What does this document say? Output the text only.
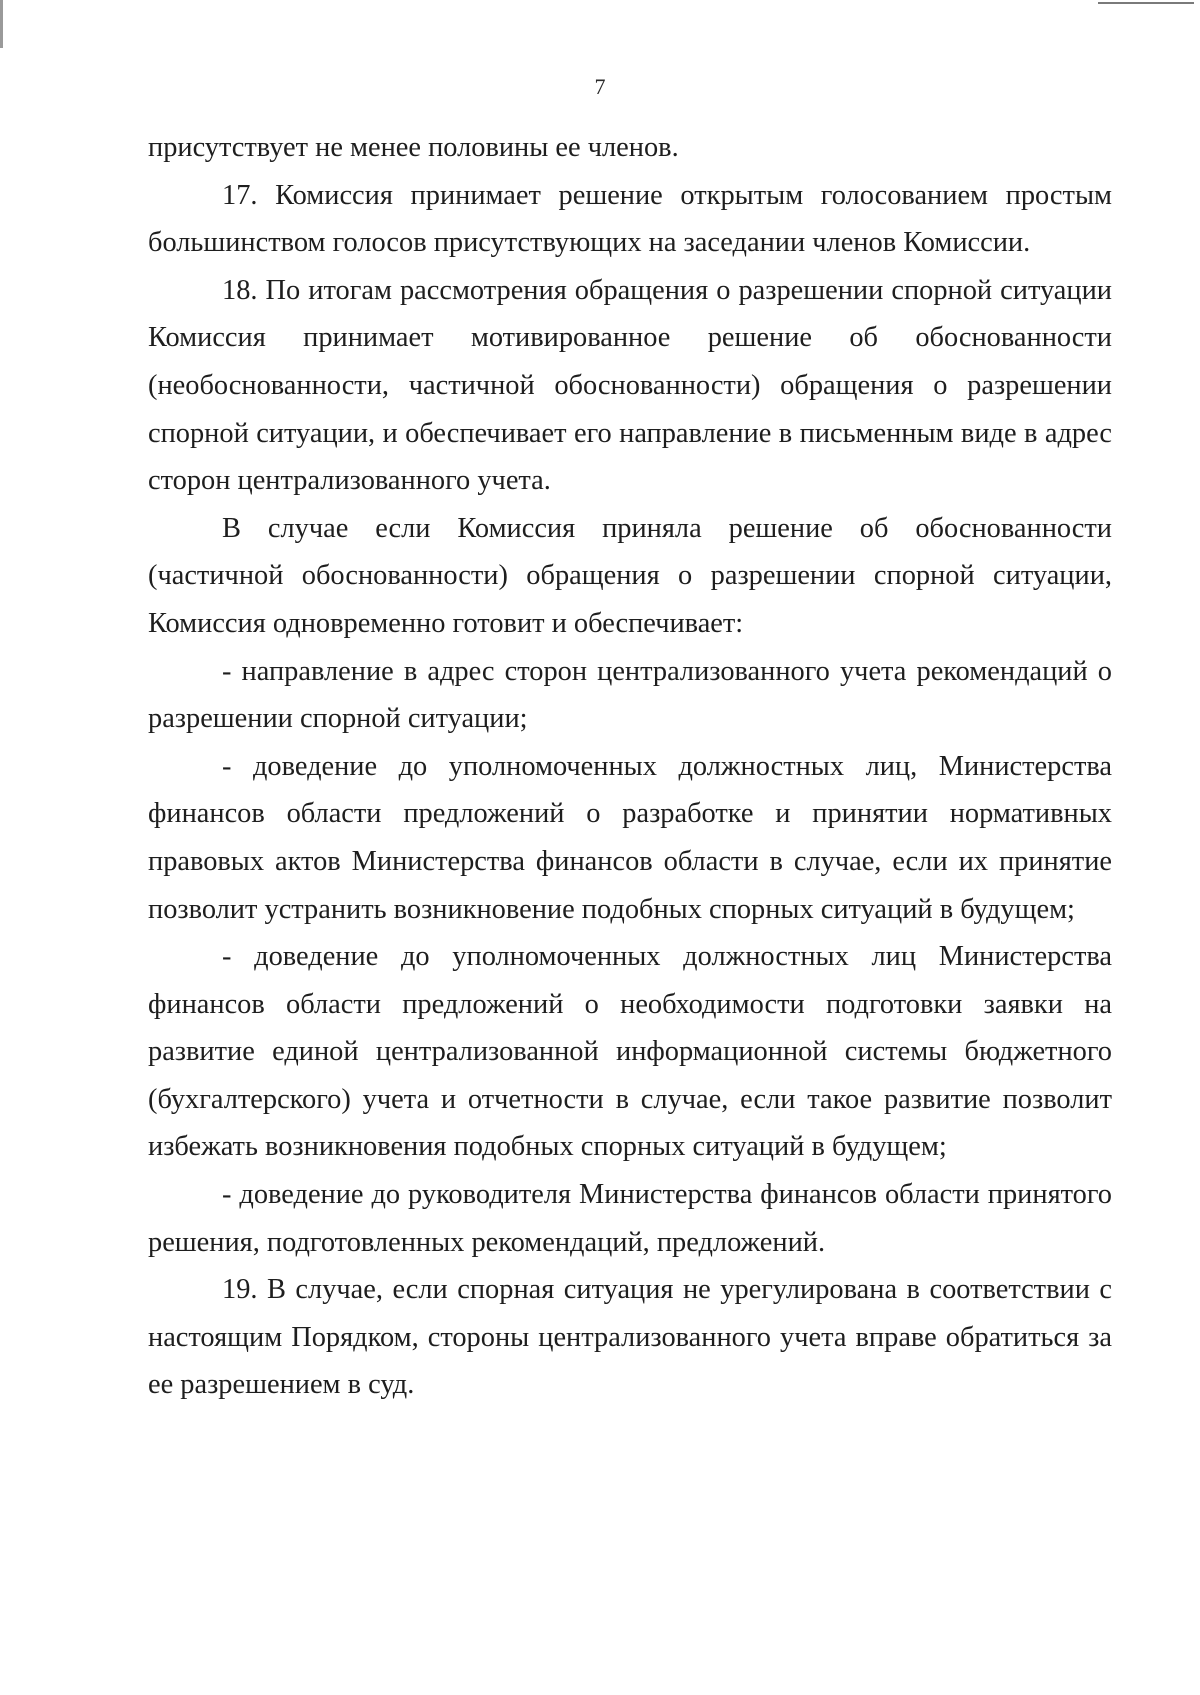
7

присутствует не менее половины ее членов.

17. Комиссия принимает решение открытым голосованием простым большинством голосов присутствующих на заседании членов Комиссии.

18. По итогам рассмотрения обращения о разрешении спорной ситуации Комиссия принимает мотивированное решение об обоснованности (необоснованности, частичной обоснованности) обращения о разрешении спорной ситуации, и обеспечивает его направление в письменным виде в адрес сторон централизованного учета.

В случае если Комиссия приняла решение об обоснованности (частичной обоснованности) обращения о разрешении спорной ситуации, Комиссия одновременно готовит и обеспечивает:

- направление в адрес сторон централизованного учета рекомендаций о разрешении спорной ситуации;

- доведение до уполномоченных должностных лиц, Министерства финансов области предложений о разработке и принятии нормативных правовых актов Министерства финансов области в случае, если их принятие позволит устранить возникновение подобных спорных ситуаций в будущем;

- доведение до уполномоченных должностных лиц Министерства финансов области предложений о необходимости подготовки заявки на развитие единой централизованной информационной системы бюджетного (бухгалтерского) учета и отчетности в случае, если такое развитие позволит избежать возникновения подобных спорных ситуаций в будущем;

- доведение до руководителя Министерства финансов области принятого решения, подготовленных рекомендаций, предложений.

19. В случае, если спорная ситуация не урегулирована в соответствии с настоящим Порядком, стороны централизованного учета вправе обратиться за ее разрешением в суд.
